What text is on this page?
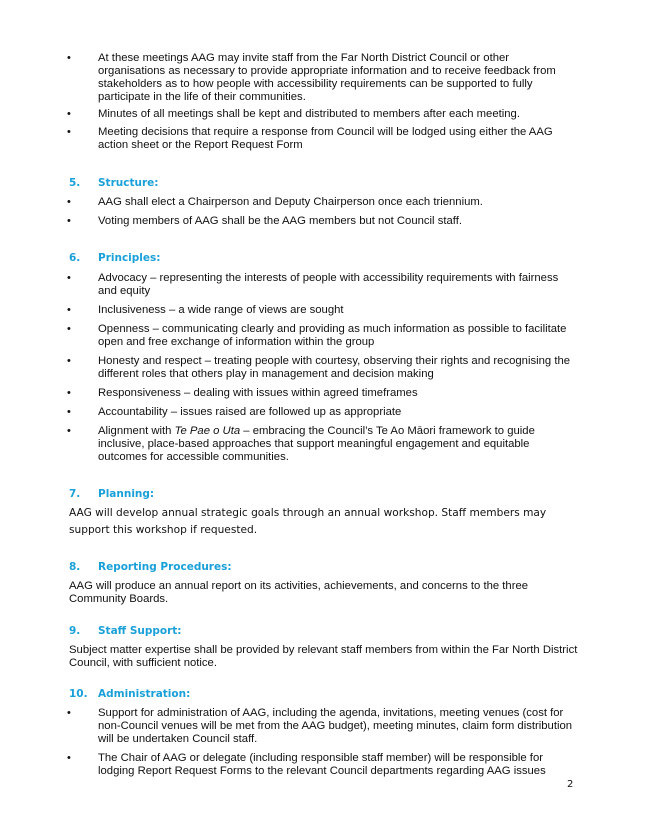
• At these meetings AAG may invite staff from the Far North District Council or other organisations as necessary to provide appropriate information and to receive feedback from stakeholders as to how people with accessibility requirements can be supported to fully participate in the life of their communities.

• Minutes of all meetings shall be kept and distributed to members after each meeting.

• Meeting decisions that require a response from Council will be lodged using either the AAG action sheet or the Report Request Form

5. Structure:
• AAG shall elect a Chairperson and Deputy Chairperson once each triennium.

• Voting members of AAG shall be the AAG members but not Council staff.

6. Principles:
• Advocacy – representing the interests of people with accessibility requirements with fairness and equity

• Inclusiveness – a wide range of views are sought

• Openness – communicating clearly and providing as much information as possible to facilitate open and free exchange of information within the group

• Honesty and respect – treating people with courtesy, observing their rights and recognising the different roles that others play in management and decision making

• Responsiveness – dealing with issues within agreed timeframes

• Accountability – issues raised are followed up as appropriate

• Alignment with Te Pae o Uta – embracing the Council’s Te Ao Māori framework to guide inclusive, place-based approaches that support meaningful engagement and equitable outcomes for accessible communities.

7. Planning:

AAG will develop annual strategic goals through an annual workshop. Staff members may support this workshop if requested.

8. Reporting Procedures:

AAG will produce an annual report on its activities, achievements, and concerns to the three Community Boards.

9. Staff Support:

Subject matter expertise shall be provided by relevant staff members from within the Far North District Council, with sufficient notice.

10. Administration:
• Support for administration of AAG, including the agenda, invitations, meeting venues (cost for non-Council venues will be met from the AAG budget), meeting minutes, claim form distribution will be undertaken Council staff.

• The Chair of AAG or delegate (including responsible staff member) will be responsible for lodging Report Request Forms to the relevant Council departments regarding AAG issues

2
